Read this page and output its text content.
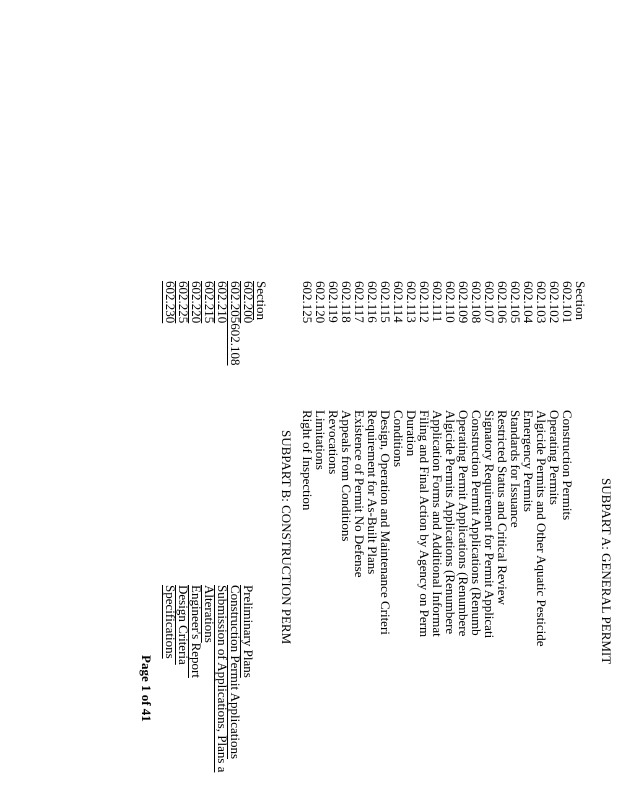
SUBPART A: GENERAL PERMIT
Section
602.101
Construction Permits
602.102
Operating Permits
602.103
Algicide Permits and Other Aquatic Pesticide
602.104
Emergency Permits
602.105
Standards for Issuance
602.106
Restricted Status and Critical Review
602.107
Signatory Requirement for Permit Applicati
602.108
Construction Permit Applications (Renumb
602.109
Operating Permit Applications (Renumbere
602.110
Algicide Permits Applications (Renumbere
602.111
Application Forms and Additional Informat
602.112
Filing and Final Action by Agency on Perm
602.113
Duration
602.114
Conditions
602.115
Design, Operation and Maintenance Criteri
602.116
Requirement for As-Built Plans
602.117
Existence of Permit No Defense
602.118
Appeals from Conditions
602.119
Revocations
602.120
Limitations
602.125
Right of Inspection
SUBPART B: CONSTRUCTION PERM
Section
602.200
Preliminary Plans
602.205602.108
Construction Permit Applications
602.210
Submission of Applications, Plans a
602.215
Alterations
602.220
Engineer's Report
602.225
Design Criteria
602.230
Specifications
Page 1 of 41
